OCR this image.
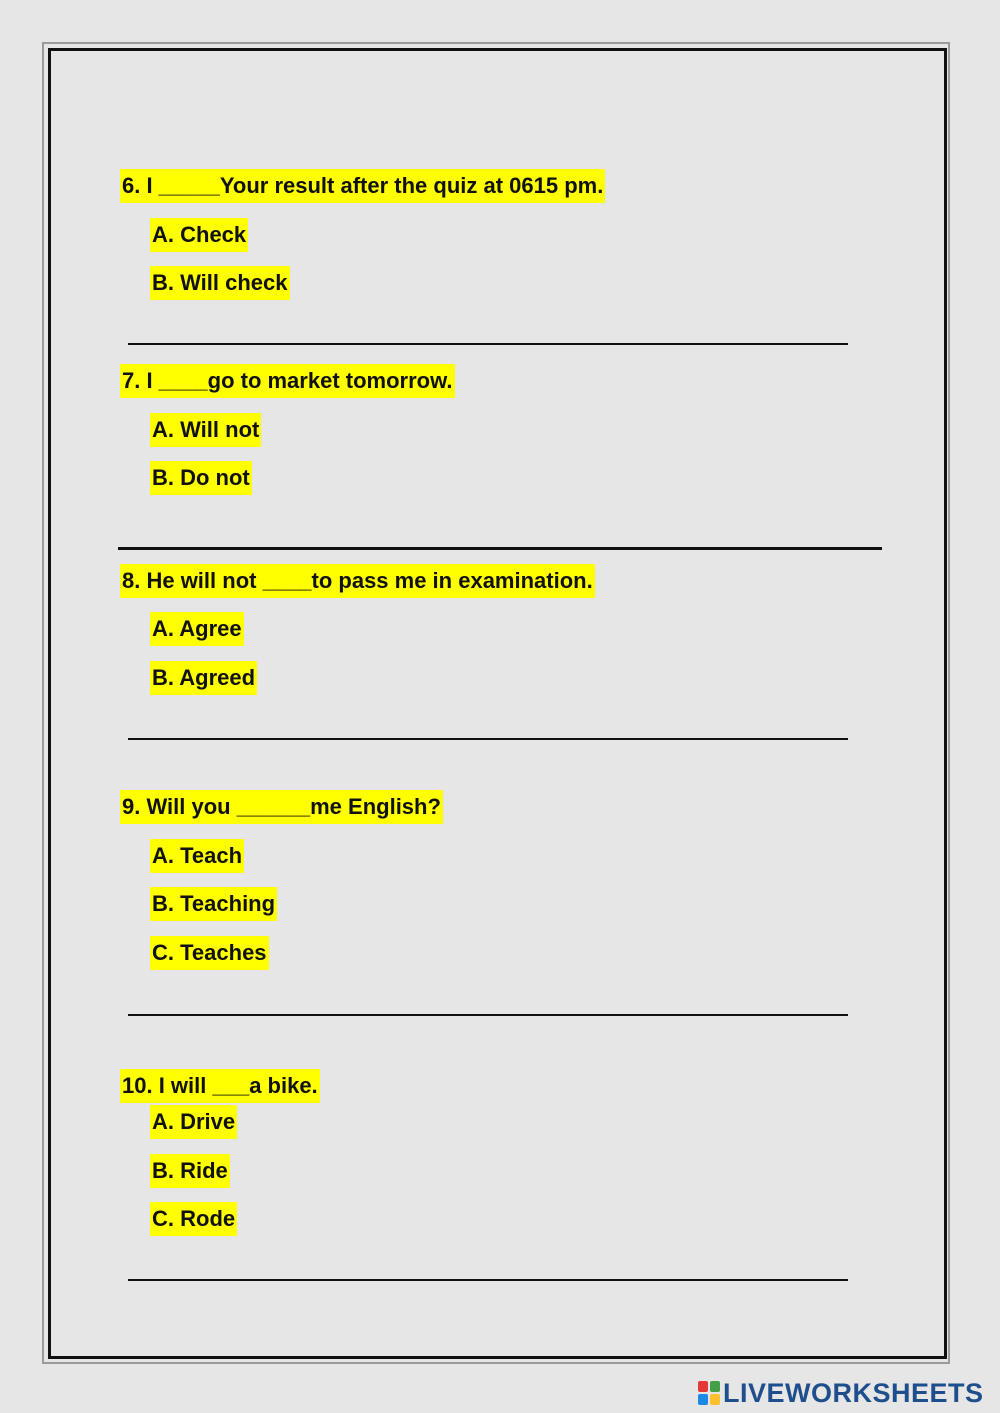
6. I _____Your result after the quiz at 0615 pm.
A. Check
B. Will check
7. I ____go to market tomorrow.
A. Will not
B. Do not
8. He will not ____to pass me in examination.
A. Agree
B. Agreed
9. Will you ______me English?
A. Teach
B. Teaching
C. Teaches
10. I will ___a bike.
A. Drive
B. Ride
C. Rode
LIVEWORKSHEETS
